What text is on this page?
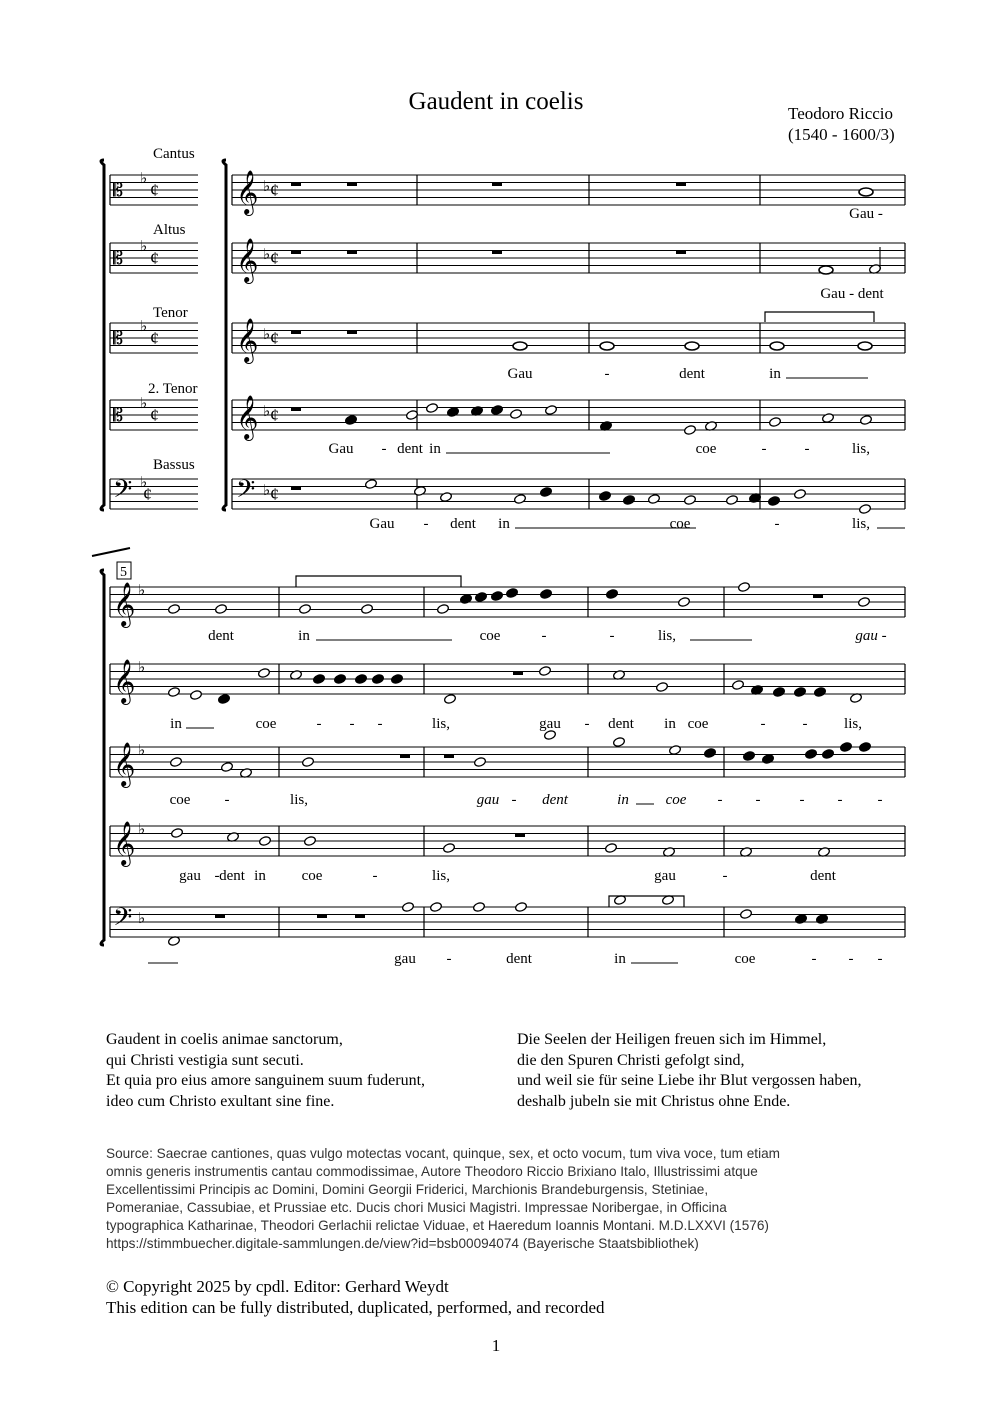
Gaudent in coelis	Teodoro Riccio
(1540 - 1600/3)
Cantus
Altus
Tenor
2. Tenor
Bassus
𝄞
𝄡 ¢	¢
♭	♭
𝄞
𝄡 ¢	¢
♭	♭
𝄞
𝄡 ¢	¢
♭	♭
𝄞
𝄡 ¢	¢
♭	♭
𝄢	𝄢
¢	¢
♭	♭
Gau -
Gau - dent
Gau	-	dent	in
Gau - dent in	coe	-	-	lis,
Gau - dent in	coe	-	lis,
5
𝄞 ♭
𝄞 ♭
𝄞 ♭
𝄞 ♭
𝄢 ♭
dent	in	coe	-	-	lis,	gau -
in	coe	- - -	lis,	gau - dent in coe	- - lis,
coe -	lis,	gau - dent	in coe - -	- - -
gau - dent in coe	-	lis,	gau	-	dent
gau -	dent	in	coe	- - -
Gaudent in coelis animae sanctorum,
qui Christi vestigia sunt secuti.
Et quia pro eius amore sanguinem suum fuderunt,
ideo cum Christo exultant sine fine.
Die Seelen der Heiligen freuen sich im Himmel,
die den Spuren Christi gefolgt sind,
und weil sie für seine Liebe ihr Blut vergossen haben,
deshalb jubeln sie mit Christus ohne Ende.
Source: Saecrae cantiones, quas vulgo motectas vocant, quinque, sex, et octo vocum, tum viva voce, tum etiam
omnis generis instrumentis cantau commodissimae, Autore Theodoro Riccio Brixiano Italo, Illustrissimi atque
Excellentissimi Principis ac Domini, Domini Georgii Friderici, Marchionis Brandeburgensis, Stetiniae,
Pomeraniae, Cassubiae, et Prussiae etc. Ducis chori Musici Magistri. Impressae Noribergae, in Officina
typographica Katharinae, Theodori Gerlachii relictae Viduae, et Haeredum Ioannis Montani. M.D.LXXVI (1576)
https://stimmbuecher.digitale-sammlungen.de/view?id=bsb00094074 (Bayerische Staatsbibliothek)
© Copyright 2025 by cpdl. Editor: Gerhard Weydt
This edition can be fully distributed, duplicated, performed, and recorded
1
